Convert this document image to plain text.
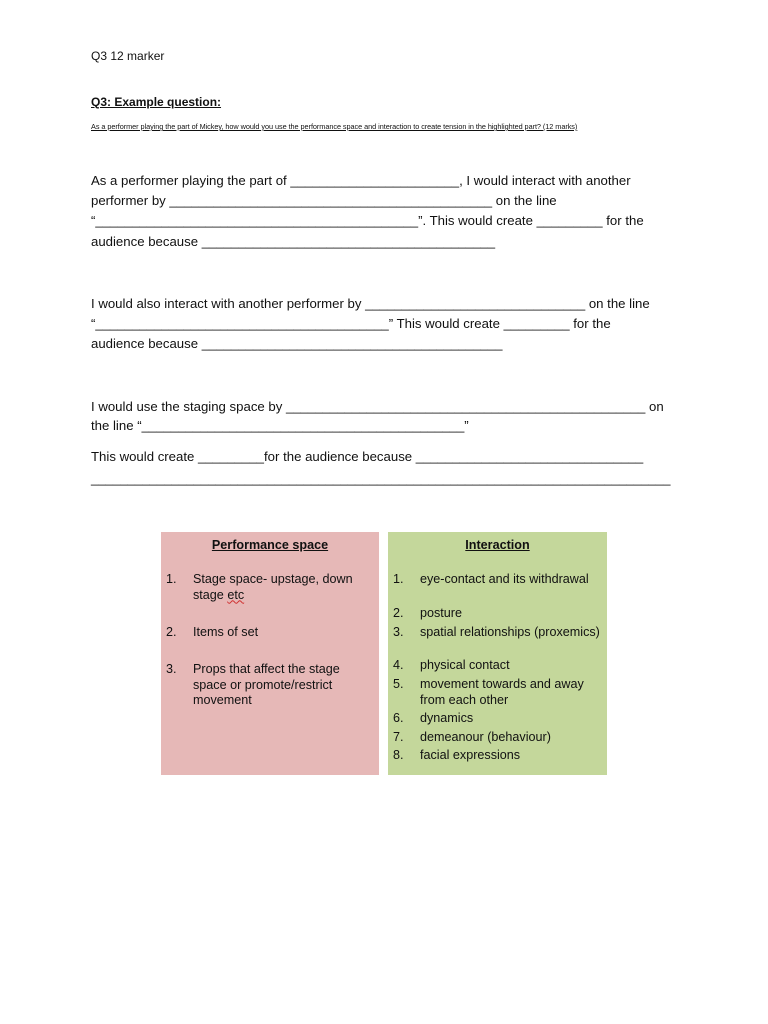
Q3 12 marker
Q3: Example question:
As a performer playing the part of Mickey, how would you use the performance space and interaction to create tension in the highlighted part? (12 marks)
As a performer playing the part of _______________________, I would interact with another
performer by ____________________________________________ on the line
“____________________________________________”. This would create _________ for the
audience because ________________________________________
I would also interact with another performer by ______________________________ on the line
“________________________________________” This would create _________ for the
audience because _________________________________________
I would use the staging space by _________________________________________________ on
the line “____________________________________________”
This would create _________for the audience because _______________________________
_______________________________________________________________________________
Performance space
1. Stage space- upstage, down
stage etc
2. Items of set
3. Props that affect the stage space or promote/restrict movement
Interaction
1. eye-contact and its withdrawal
2. posture
3. spatial relationships (proxemics)
4. physical contact
5. movement towards and away from each other
6. dynamics
7. demeanour (behaviour)
8. facial expressions
